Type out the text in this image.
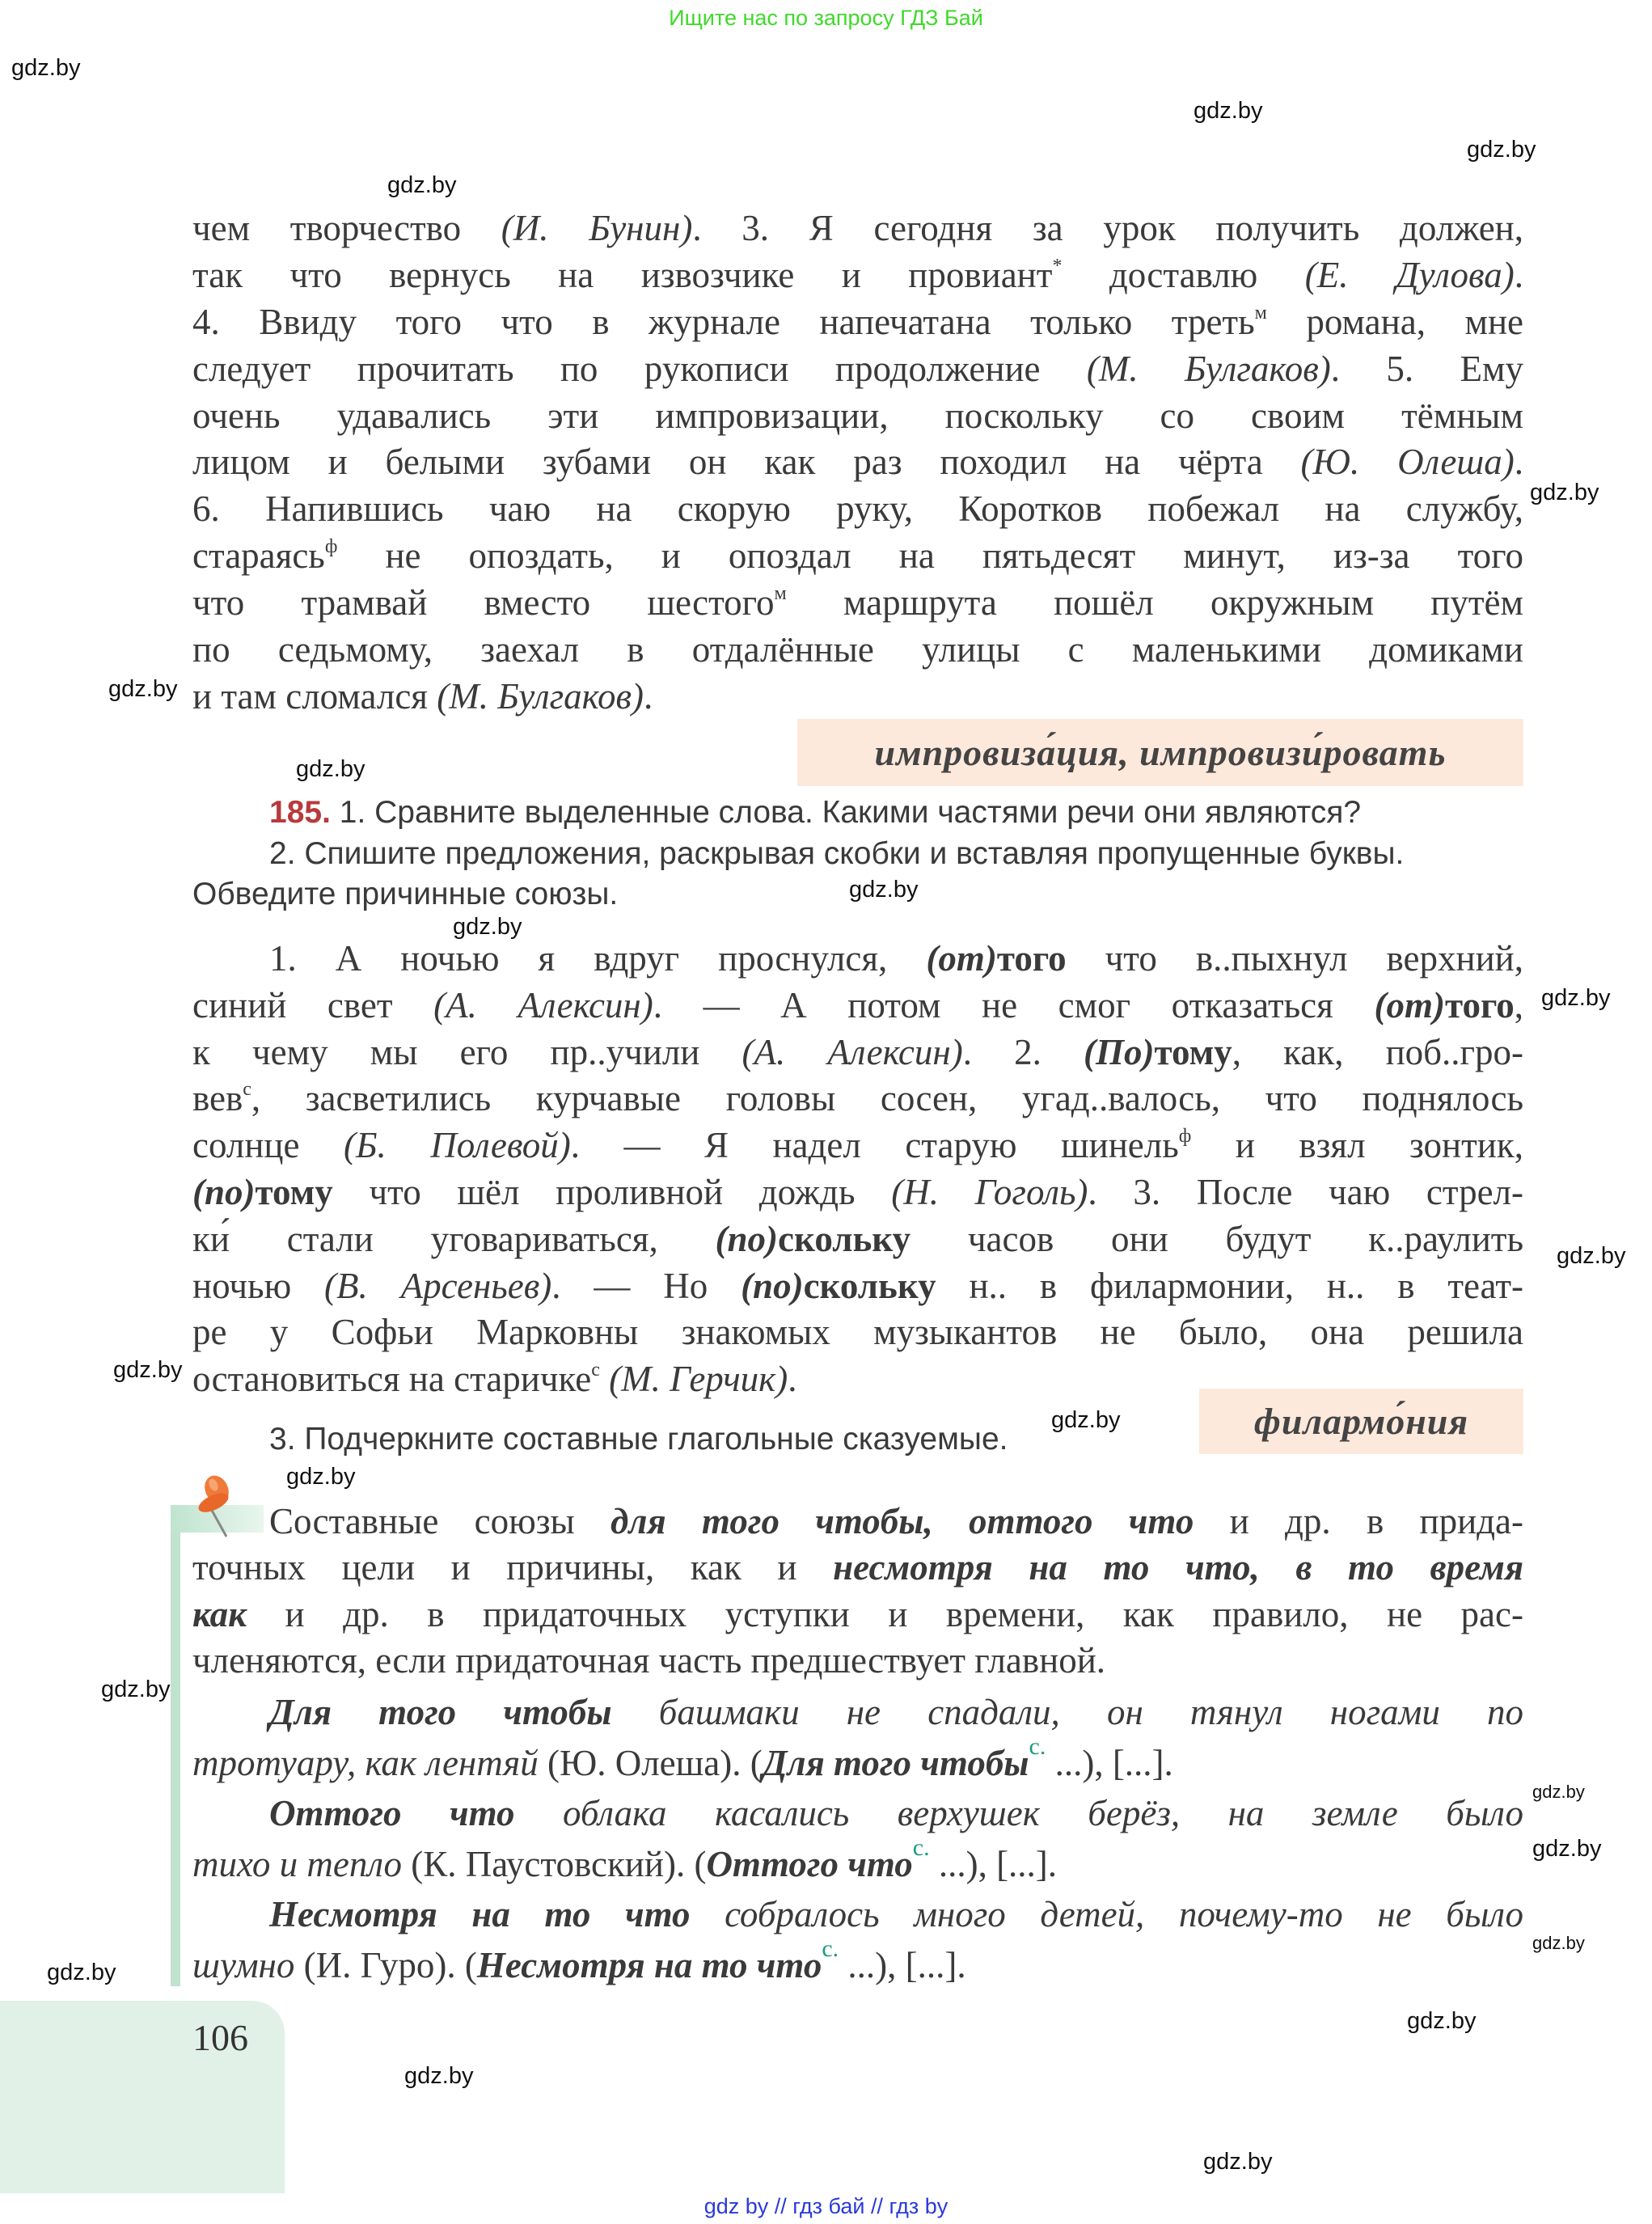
Ищите нас по запросу ГДЗ Бай
gdz.by
gdz.by
gdz.by
gdz.by
gdz.by
gdz.by
gdz.by
gdz.by
gdz.by
gdz.by
gdz.by
gdz.by
gdz.by
gdz.by
gdz.by
gdz.by
gdz.by
gdz.by
gdz.by
gdz.by
gdz.by
gdz.by
чем творчество (И. Бунин). 3. Я сегодня за урок получить должен,
так что вернусь на извозчике и провиант* доставлю (Е. Дулова).
4. Ввиду того что в журнале напечатана только треть$^м$ романа, мне
следует прочитать по рукописи продолжение (М. Булгаков). 5. Ему
очень удавались эти импровизации, поскольку со своим тёмным
лицом и белыми зубами он как раз походил на чёрта (Ю. Олеша).
6. Напившись чаю на скорую руку, Коротков побежал на службу,
стараясь$^ф$ не опоздать, и опоздал на пятьдесят минут, из-за того
что трамвай вместо шестого$^м$ маршрута пошёл окружным путём
по седьмому, заехал в отдалённые улицы с маленькими домиками
и там сломался (М. Булгаков).
импровиза́ция, импровизи́ровать
185. 1. Сравните выделенные слова. Какими частями речи они являются?
2. Спишите предложения, раскрывая скобки и вставляя пропущенные буквы.
Обведите причинные союзы.
1. А ночью я вдруг проснулся, (от)того что в..пыхнул верхний,
синий свет (А. Алексин). — А потом не смог отказаться (от)того,
к чему мы его пр..учили (А. Алексин). 2. (По)тому, как, поб..гро-
вев$^с$, засветились курчавые головы сосен, угад..валось, что поднялось
солнце (Б. Полевой). — Я надел старую шинель$^ф$ и взял зонтик,
(по)тому что шёл проливной дождь (Н. Гоголь). 3. После чаю стрел-
ки́ стали уговариваться, (по)скольку часов они будут к..раулить
ночью (В. Арсеньев). — Но (по)скольку н.. в филармонии, н.. в теат-
ре у Софьи Марковны знакомых музыкантов не было, она решила
остановиться на старичке$^с$ (М. Герчик).
филармо́ния
3. Подчеркните составные глагольные сказуемые.
Составные союзы для того чтобы, оттого что и др. в прида-
точных цели и причины, как и несмотря на то что, в то время
как и др. в придаточных уступки и времени, как правило, не рас-
членяются, если придаточная часть предшествует главной.
Для того чтобы башмаки не спадали, он тянул ногами по
тротуару, как лентяй (Ю. Олеша). (Для того чтобы$^{с.}$ ...), [...].
Оттого что облака касались верхушек берёз, на земле было
тихо и тепло (К. Паустовский). (Оттого что$^{с.}$ ...), [...].
Несмотря на то что собралось много детей, почему-то не было
шумно (И. Гуро). (Несмотря на то что$^{с.}$ ...), [...].
106
gdz by // гдз бай // гдз by
